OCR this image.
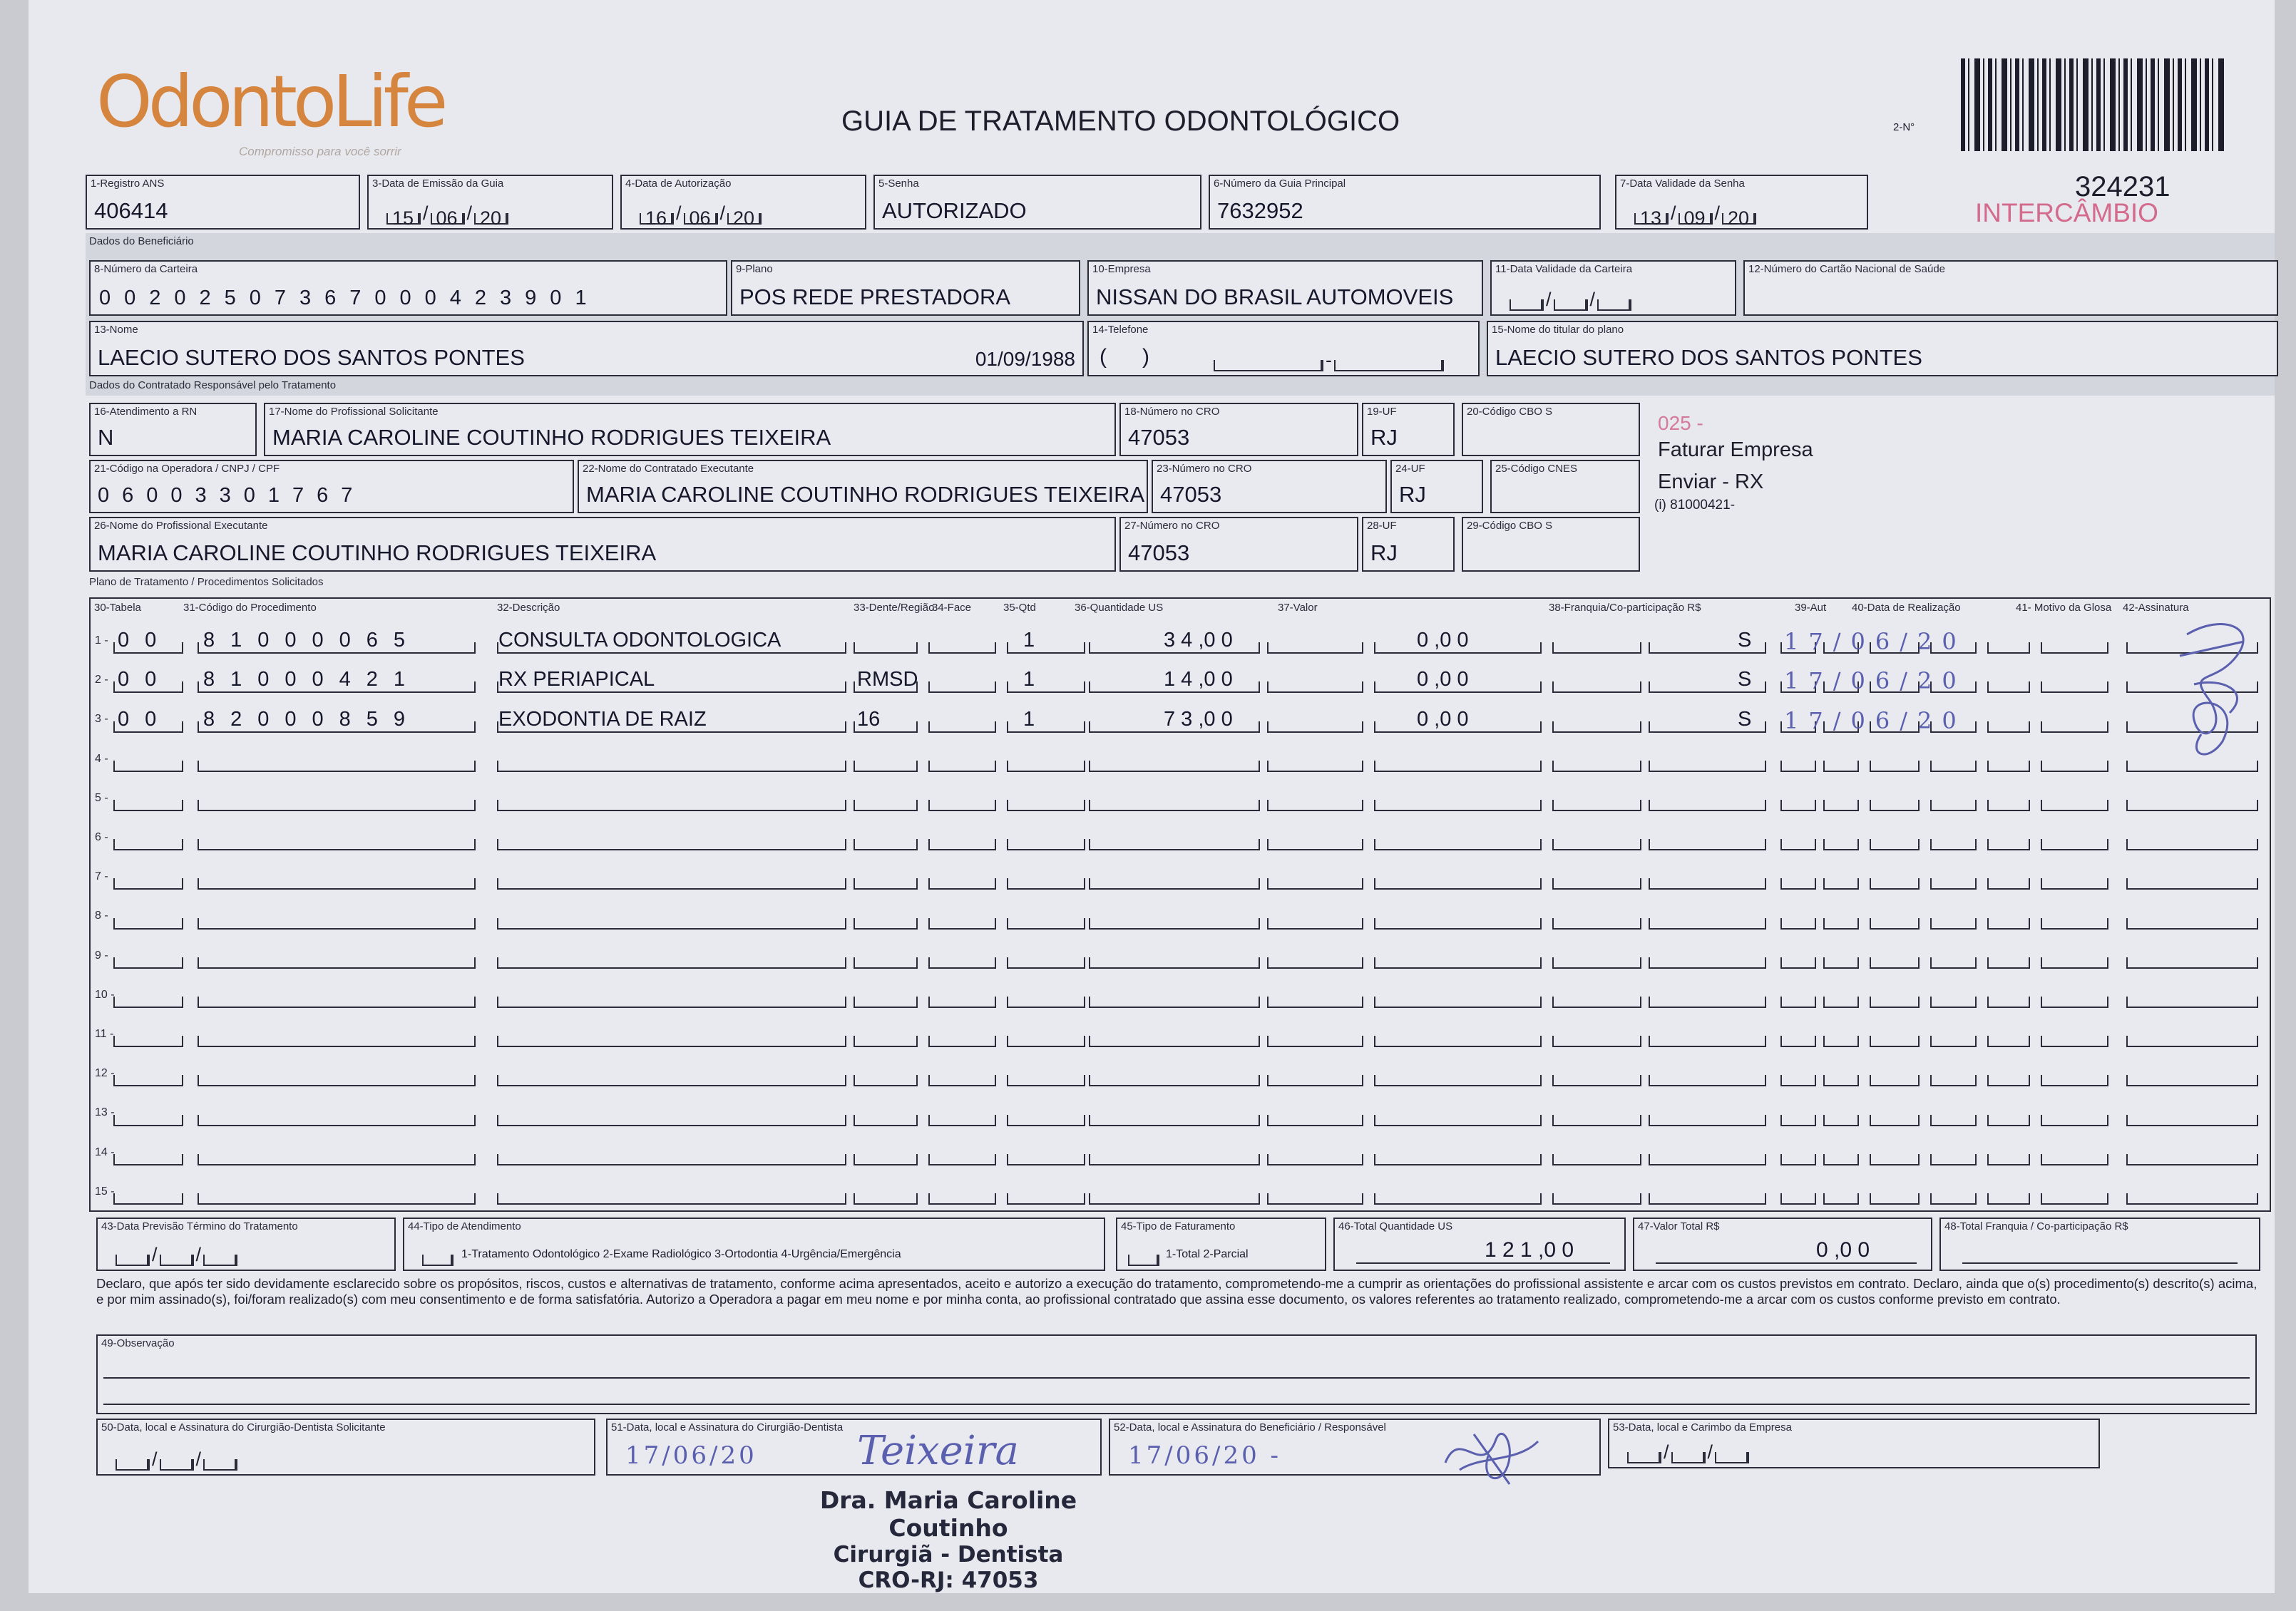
OdontoLife
Compromisso para você sorrir
GUIA DE TRATAMENTO ODONTOLÓGICO	2-N°
324231
INTERCÂMBIO
1-Registro ANS
406414
3-Data de Emissão da Guia
15 / 06 / 20
4-Data de Autorização
16 / 06 / 20
5-Senha
AUTORIZADO
6-Número da Guia Principal
7632952
7-Data Validade da Senha
13 / 09 / 20
Dados do Beneficiário
8-Número da Carteira
00202507367000423901
9-Plano
POS REDE PRESTADORA
10-Empresa
NISSAN DO BRASIL AUTOMOVEIS
11-Data Validade da Carteira
/ /
12-Número do Cartão Nacional de Saúde
13-Nome
LAECIO SUTERO DOS SANTOS PONTES	01/09/1988
14-Telefone
(      )	-
15-Nome do titular do plano
LAECIO SUTERO DOS SANTOS PONTES
Dados do Contratado Responsável pelo Tratamento
16-Atendimento a RN
N
17-Nome do Profissional Solicitante
MARIA CAROLINE COUTINHO RODRIGUES TEIXEIRA
18-Número no CRO
47053
19-UF
RJ
20-Código CBO S
21-Código na Operadora / CNPJ / CPF
06003301767
22-Nome do Contratado Executante
MARIA CAROLINE COUTINHO RODRIGUES TEIXEIRA
23-Número no CRO
47053
24-UF
RJ
25-Código CNES
26-Nome do Profissional Executante
MARIA CAROLINE COUTINHO RODRIGUES TEIXEIRA
27-Número no CRO
47053
28-UF
RJ
29-Código CBO S
025 -
Faturar Empresa
Enviar - RX
(i) 81000421-
Plano de Tratamento / Procedimentos Solicitados
30-Tabela	31-Código do Procedimento	32-Descrição	33-Dente/Região
34-Face	35-Qtd	36-Quantidade US	37-Valor	38-Franquia/Co-participação R$	39-Aut 40-Data de Realização	41- Motivo da Glosa 42-Assinatura
1 - 00 81000065	CONSULTA ODONTOLOGICA	1	3 4 ,0 0	0 ,0 0	S 17/06/20
2 - 00 81000421	RX PERIAPICAL	RMSD	1	1 4 ,0 0	0 ,0 0	S 17/06/20
3 - 00 82000859	EXODONTIA DE RAIZ	16	1	7 3 ,0 0	0 ,0 0	S 17/06/20
4 -
5 -
6 -
7 -
8 -
9 -
10 -
11 -
12 -
13 -
14 -
15 -
43-Data Previsão Término do Tratamento
/ /
44-Tipo de Atendimento
1-Tratamento Odontológico 2-Exame Radiológico 3-Ortodontia 4-Urgência/Emergência
45-Tipo de Faturamento
1-Total 2-Parcial
46-Total Quantidade US
1 2 1 ,0 0
47-Valor Total R$
0 ,0 0
48-Total Franquia / Co-participação R$
Declaro, que após ter sido devidamente esclarecido sobre os propósitos, riscos, custos e alternativas de tratamento, conforme acima apresentados, aceito e autorizo a execução do tratamento, comprometendo-me a cumprir as orientações do profissional assistente e arcar com os custos previstos em contrato. Declaro, ainda que o(s) procedimento(s) descrito(s) acima, e por mim assinado(s), foi/foram realizado(s) com meu consentimento e de forma satisfatória. Autorizo a Operadora a pagar em meu nome e por minha conta, ao profissional contratado que assina esse documento, os valores referentes ao tratamento realizado, comprometendo-me a arcar com os custos conforme previsto em contrato.
49-Observação
50-Data, local e Assinatura do Cirurgião-Dentista Solicitante
/ /
51-Data, local e Assinatura do Cirurgião-Dentista
17/06/20	Teixeira
52-Data, local e Assinatura do Beneficiário / Responsável
17/06/20 -
53-Data, local e Carimbo da Empresa
/ /
Dra. Maria Caroline Coutinho
Cirurgiã - Dentista
CRO-RJ: 47053
